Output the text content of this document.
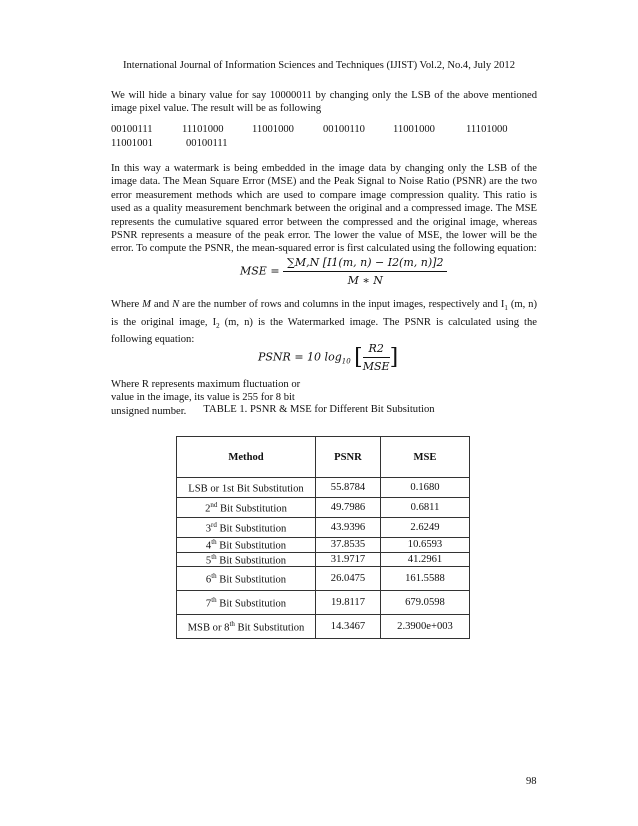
International Journal of Information Sciences and Techniques (IJIST) Vol.2, No.4, July 2012
We will hide a binary value for say 10000011 by changing only the LSB of the above mentioned image pixel value. The result will be as following
00100111	11101000	11001000	00100110	11001000	11101000
11001001	00100111
In this way a watermark is being embedded in the image data by changing only the LSB of the image data. The Mean Square Error (MSE) and the Peak Signal to Noise Ratio (PSNR) are the two error measurement methods which are used to compare image compression quality. This ratio is used as a quality measurement benchmark between the original and a compressed image. The MSE represents the cumulative squared error between the compressed and the original image, whereas PSNR represents a measure of the peak error. The lower the value of MSE, the lower will be the error. To compute the PSNR, the mean-squared error is first calculated using the following equation:
MSE = $\frac{\sum M,N [I1(m, n) - I2(m, n)]2}{M ∗ N}$
Where M and N are the number of rows and columns in the input images, respectively and $I_1$ (m, n) is the original image, $I_2$ (m, n) is the Watermarked image. The PSNR is calculated using the following equation:
PSNR = 10 $\log_{10}$ [ $\frac{R2}{\text{MSE}}$ ]
Where R represents maximum fluctuation or value in the image, its value is 255 for 8 bit unsigned number.	TABLE 1. PSNR & MSE for Different Bit Subsitution
Method	PSNR	MSE
LSB or 1st Bit Substitution	55.8784	0.1680
2nd Bit Substitution	49.7986	0.6811
3rd Bit Substitution	43.9396	2.6249
4th Bit Substitution	37.8535	10.6593
5th Bit Substitution	31.9717	41.2961
6th Bit Substitution	26.0475	161.5588
7th Bit Substitution	19.8117	679.0598
MSB or 8th Bit Substitution	14.3467	2.3900e+003
98
